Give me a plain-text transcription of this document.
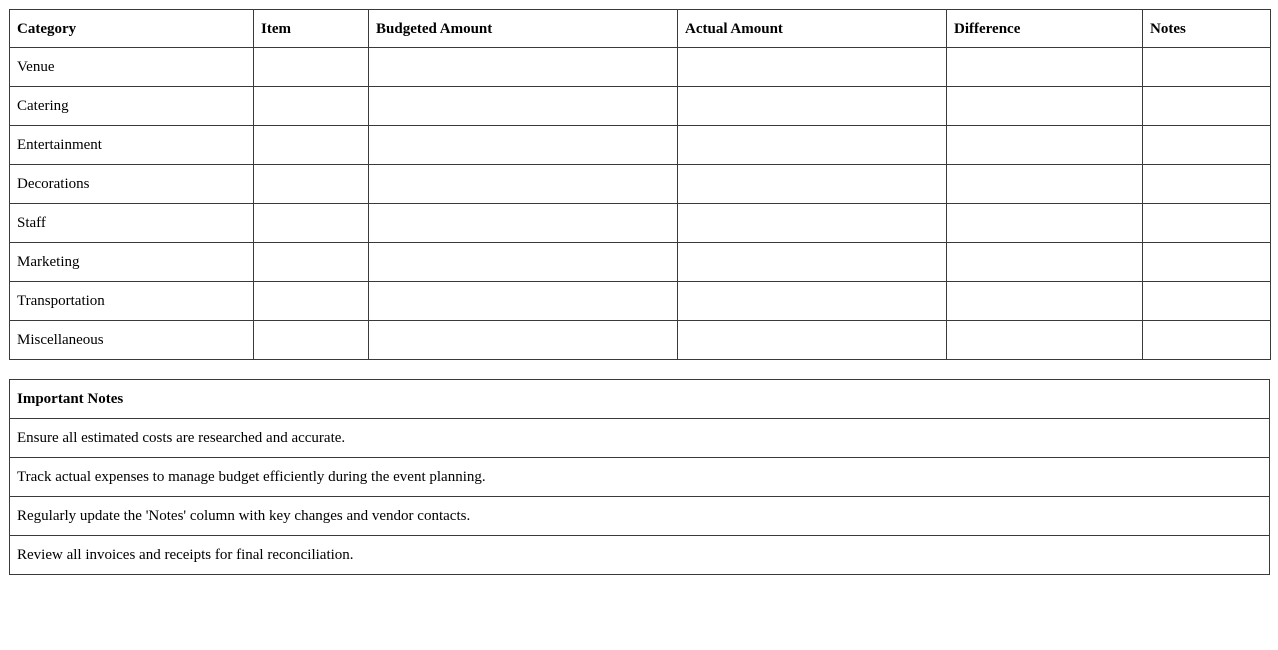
Category	Item	Budgeted Amount	Actual Amount	Difference	Notes
Venue					
Catering					
Entertainment					
Decorations					
Staff					
Marketing					
Transportation					
Miscellaneous					
Important Notes
Ensure all estimated costs are researched and accurate.
Track actual expenses to manage budget efficiently during the event planning.
Regularly update the 'Notes' column with key changes and vendor contacts.
Review all invoices and receipts for final reconciliation.
